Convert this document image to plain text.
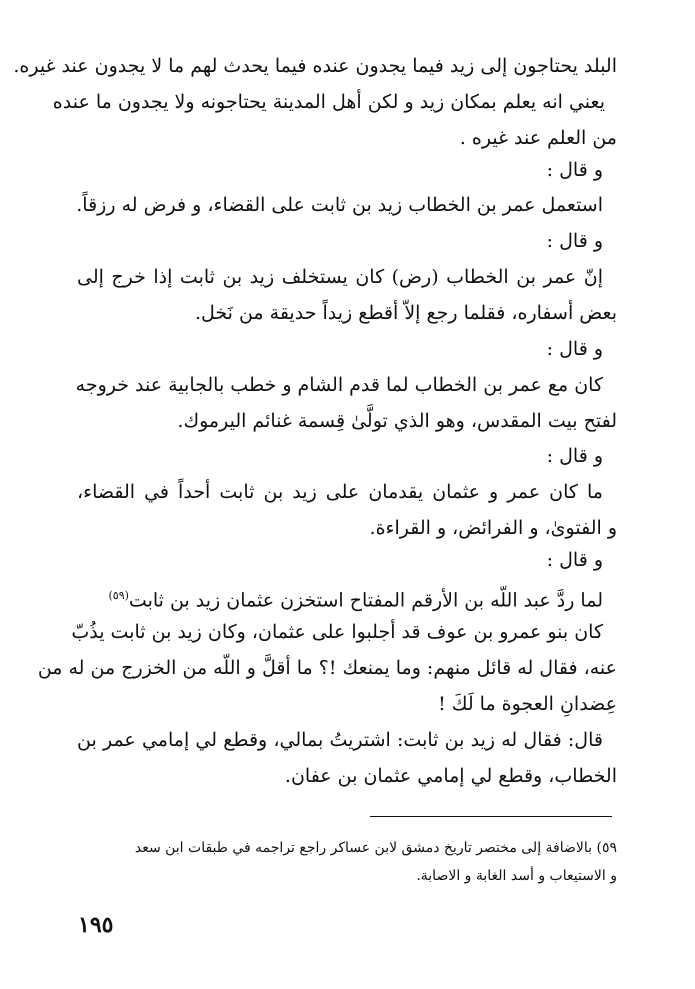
البلد يحتاجون إلى زيد فيما يجدون عنده فيما يحدث لهم ما لا يجدون عند غيره.
يعني انه يعلم بمكان زيد و لكن أهل المدينة يحتاجونه ولا يجدون ما عنده
من العلم عند غيره .
و قال :
استعمل عمر بن الخطاب زيد بن ثابت على القضاء، و فرض له رزقاً.
و قال :
إنّ عمر بن الخطاب (رض) كان يستخلف زيد بن ثابت إذا خرج إلى
بعض أسفاره، فقلما رجع إلاّ أقطع زيداً حديقة من نَخل.
و قال :
كان مع عمر بن الخطاب لما قدم الشام و خطب بالجابية عند خروجه
لفتح بيت المقدس، وهو الذي تولَّىٰ قِسمة غنائم اليرموك.
و قال :
ما كان عمر و عثمان يقدمان على زيد بن ثابت أحداً في القضاء،
و الفتوىٰ، و الفرائض، و القراءة.
و قال :
لما ردَّ عبد اللّه بن الأرقم المفتاح استخزن عثمان زيد بن ثابت$^{(٥٩)}$
كان بنو عمرو بن عوف قد أجلبوا على عثمان، وكان زيد بن ثابت يذُبّ
عنه، فقال له قائل منهم: وما يمنعك !؟ ما أقلَّ و اللّه من الخزرج من له من
عِضدانِ العجوة ما لَكَ !
قال: فقال له زيد بن ثابت: اشتريتُ بمالي، وقطع لي إمامي عمر بن
الخطاب، وقطع لي إمامي عثمان بن عفان.
٥٩) بالاضافة إلى مختصر تاريخ دمشق لابن عساكر راجع تراجمه في طبقات ابن سعد
و الاستيعاب و أسد الغابة و الاصابة.
١٩٥
